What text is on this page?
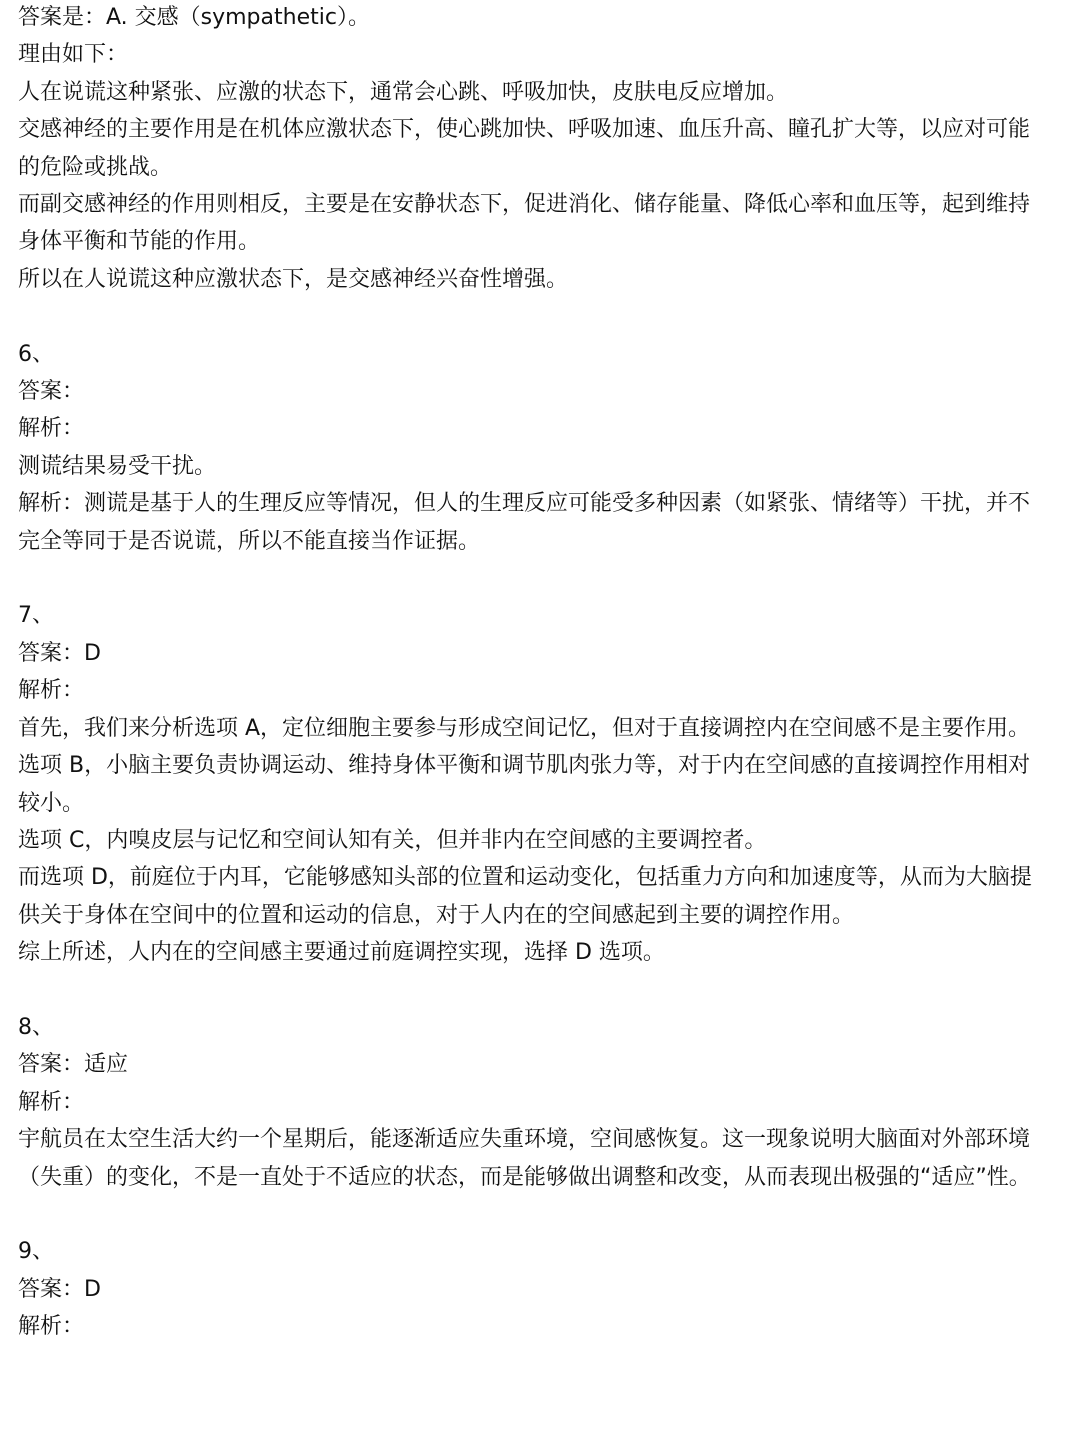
答案是：A. 交感（sympathetic）。
理由如下：
人在说谎这种紧张、应激的状态下，通常会心跳、呼吸加快，皮肤电反应增加。
交感神经的主要作用是在机体应激状态下，使心跳加快、呼吸加速、血压升高、瞳孔扩大等，以应对可能的危险或挑战。
而副交感神经的作用则相反，主要是在安静状态下，促进消化、储存能量、降低心率和血压等，起到维持身体平衡和节能的作用。
所以在人说谎这种应激状态下，是交感神经兴奋性增强。
6、
答案：
解析：
测谎结果易受干扰。
解析：测谎是基于人的生理反应等情况，但人的生理反应可能受多种因素（如紧张、情绪等）干扰，并不完全等同于是否说谎，所以不能直接当作证据。
7、
答案：D
解析：
首先，我们来分析选项 A，定位细胞主要参与形成空间记忆，但对于直接调控内在空间感不是主要作用。
选项 B，小脑主要负责协调运动、维持身体平衡和调节肌肉张力等，对于内在空间感的直接调控作用相对较小。
选项 C，内嗅皮层与记忆和空间认知有关，但并非内在空间感的主要调控者。
而选项 D，前庭位于内耳，它能够感知头部的位置和运动变化，包括重力方向和加速度等，从而为大脑提供关于身体在空间中的位置和运动的信息，对于人内在的空间感起到主要的调控作用。
综上所述，人内在的空间感主要通过前庭调控实现，选择 D 选项。
8、
答案：适应
解析：
宇航员在太空生活大约一个星期后，能逐渐适应失重环境，空间感恢复。这一现象说明大脑面对外部环境（失重）的变化，不是一直处于不适应的状态，而是能够做出调整和改变，从而表现出极强的“适应”性。
9、
答案：D
解析：
